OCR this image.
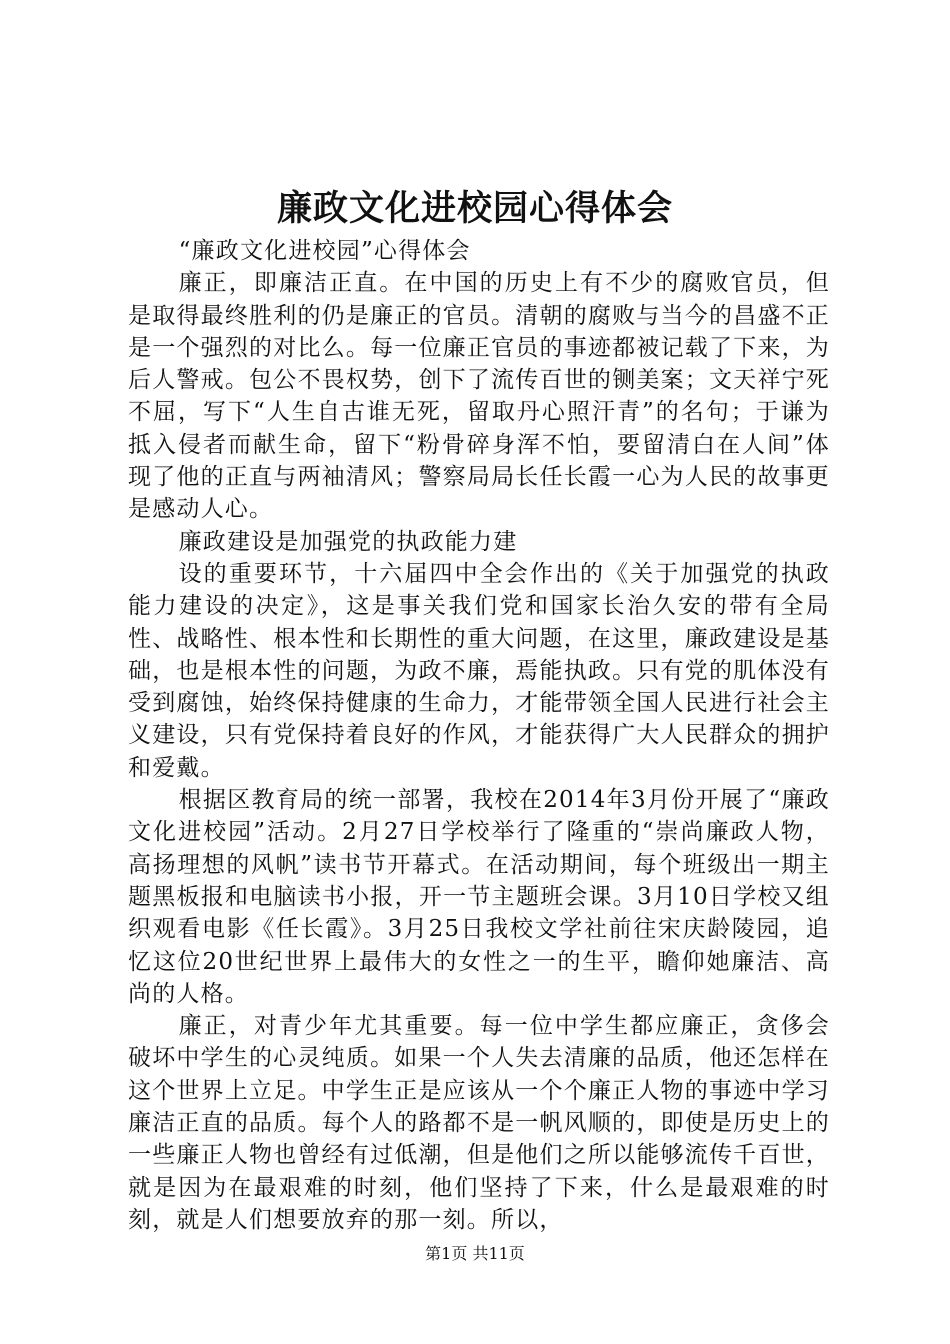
廉政文化进校园心得体会

“廉政文化进校园”心得体会

廉正，即廉洁正直。在中国的历史上有不少的腐败官员，但是取得最终胜利的仍是廉正的官员。清朝的腐败与当今的昌盛不正是一个强烈的对比么。每一位廉正官员的事迹都被记载了下来，为后人警戒。包公不畏权势，创下了流传百世的铡美案；文天祥宁死不屈，写下“人生自古谁无死，留取丹心照汗青”的名句；于谦为抵入侵者而献生命，留下“粉骨碎身浑不怕，要留清白在人间”体现了他的正直与两袖清风；警察局局长任长霞一心为人民的故事更是感动人心。

廉政建设是加强党的执政能力建

设的重要环节，十六届四中全会作出的《关于加强党的执政能力建设的决定》，这是事关我们党和国家长治久安的带有全局性、战略性、根本性和长期性的重大问题，在这里，廉政建设是基础，也是根本性的问题，为政不廉，焉能执政。只有党的肌体没有受到腐蚀，始终保持健康的生命力，才能带领全国人民进行社会主义建设，只有党保持着良好的作风，才能获得广大人民群众的拥护和爱戴。

根据区教育局的统一部署，我校在2014年3月份开展了“廉政文化进校园”活动。2月27日学校举行了隆重的“崇尚廉政人物，高扬理想的风帆”读书节开幕式。在活动期间，每个班级出一期主题黑板报和电脑读书小报，开一节主题班会课。3月10日学校又组织观看电影《任长霞》。3月25日我校文学社前往宋庆龄陵园，追忆这位20世纪世界上最伟大的女性之一的生平，瞻仰她廉洁、高尚的人格。

廉正，对青少年尤其重要。每一位中学生都应廉正，贪侈会破坏中学生的心灵纯质。如果一个人失去清廉的品质，他还怎样在这个世界上立足。中学生正是应该从一个个廉正人物的事迹中学习廉洁正直的品质。每个人的路都不是一帆风顺的，即使是历史上的一些廉正人物也曾经有过低潮，但是他们之所以能够流传千百世，就是因为在最艰难的时刻，他们坚持了下来，什么是最艰难的时刻，就是人们想要放弃的那一刻。所以，

第1页 共11页
